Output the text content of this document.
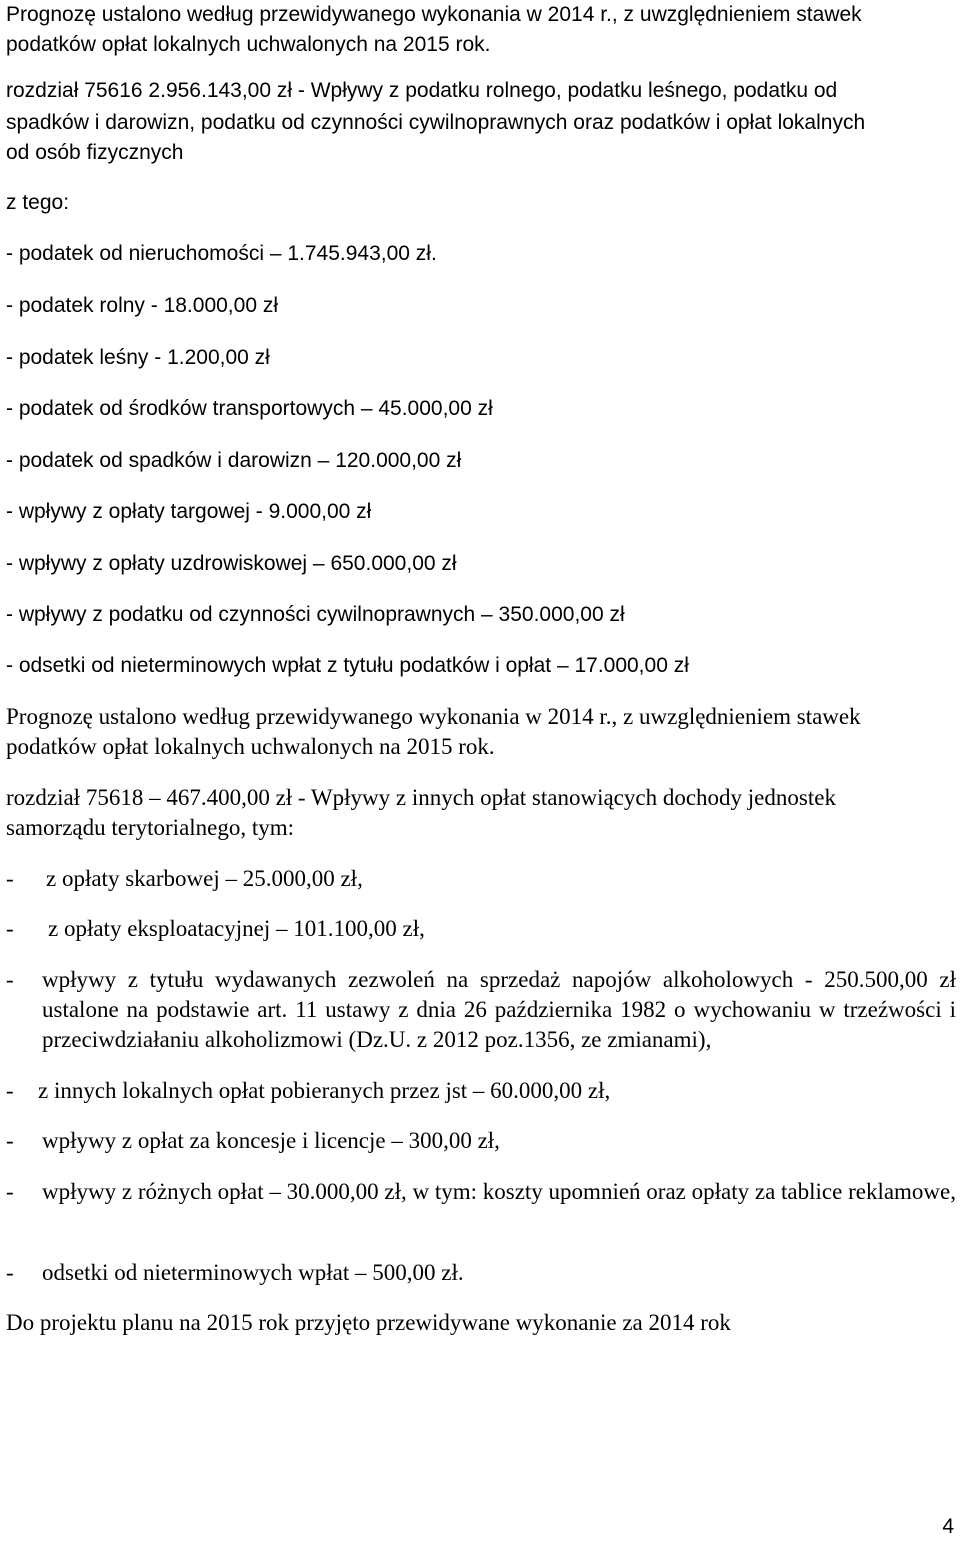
Prognozę ustalono według przewidywanego wykonania w 2014 r., z uwzględnieniem stawek
podatków opłat lokalnych uchwalonych na 2015 rok.
rozdział 75616 2.956.143,00 zł - Wpływy z podatku rolnego, podatku leśnego, podatku od
spadków i darowizn, podatku od czynności cywilnoprawnych oraz podatków i opłat lokalnych
od osób fizycznych
z tego:
- podatek od nieruchomości – 1.745.943,00 zł.
- podatek rolny - 18.000,00 zł
- podatek leśny - 1.200,00 zł
- podatek od środków transportowych – 45.000,00 zł
- podatek od spadków i darowizn – 120.000,00 zł
- wpływy z opłaty targowej - 9.000,00 zł
- wpływy z opłaty uzdrowiskowej – 650.000,00 zł
- wpływy z podatku od czynności cywilnoprawnych – 350.000,00 zł
- odsetki od nieterminowych wpłat z tytułu podatków i opłat – 17.000,00 zł
Prognozę ustalono według przewidywanego wykonania w 2014 r., z uwzględnieniem stawek
podatków opłat lokalnych uchwalonych na 2015 rok.
rozdział 75618 – 467.400,00 zł - Wpływy z innych opłat stanowiących dochody jednostek
samorządu terytorialnego, tym:
- z opłaty skarbowej – 25.000,00 zł,
- z opłaty eksploatacyjnej – 101.100,00 zł,
- wpływy z tytułu wydawanych zezwoleń na sprzedaż napojów alkoholowych - 250.500,00 zł ustalone na podstawie art. 11 ustawy z dnia 26 października 1982 o wychowaniu w trzeźwości i przeciwdziałaniu alkoholizmowi (Dz.U. z 2012 poz.1356, ze zmianami),
- z innych lokalnych opłat pobieranych przez jst – 60.000,00 zł,
- wpływy z opłat za koncesje i licencje – 300,00 zł,
- wpływy z różnych opłat – 30.000,00 zł, w tym: koszty upomnień oraz opłaty za tablice reklamowe,
- odsetki od nieterminowych wpłat – 500,00 zł.
Do projektu planu na 2015 rok przyjęto przewidywane wykonanie za 2014 rok
4
